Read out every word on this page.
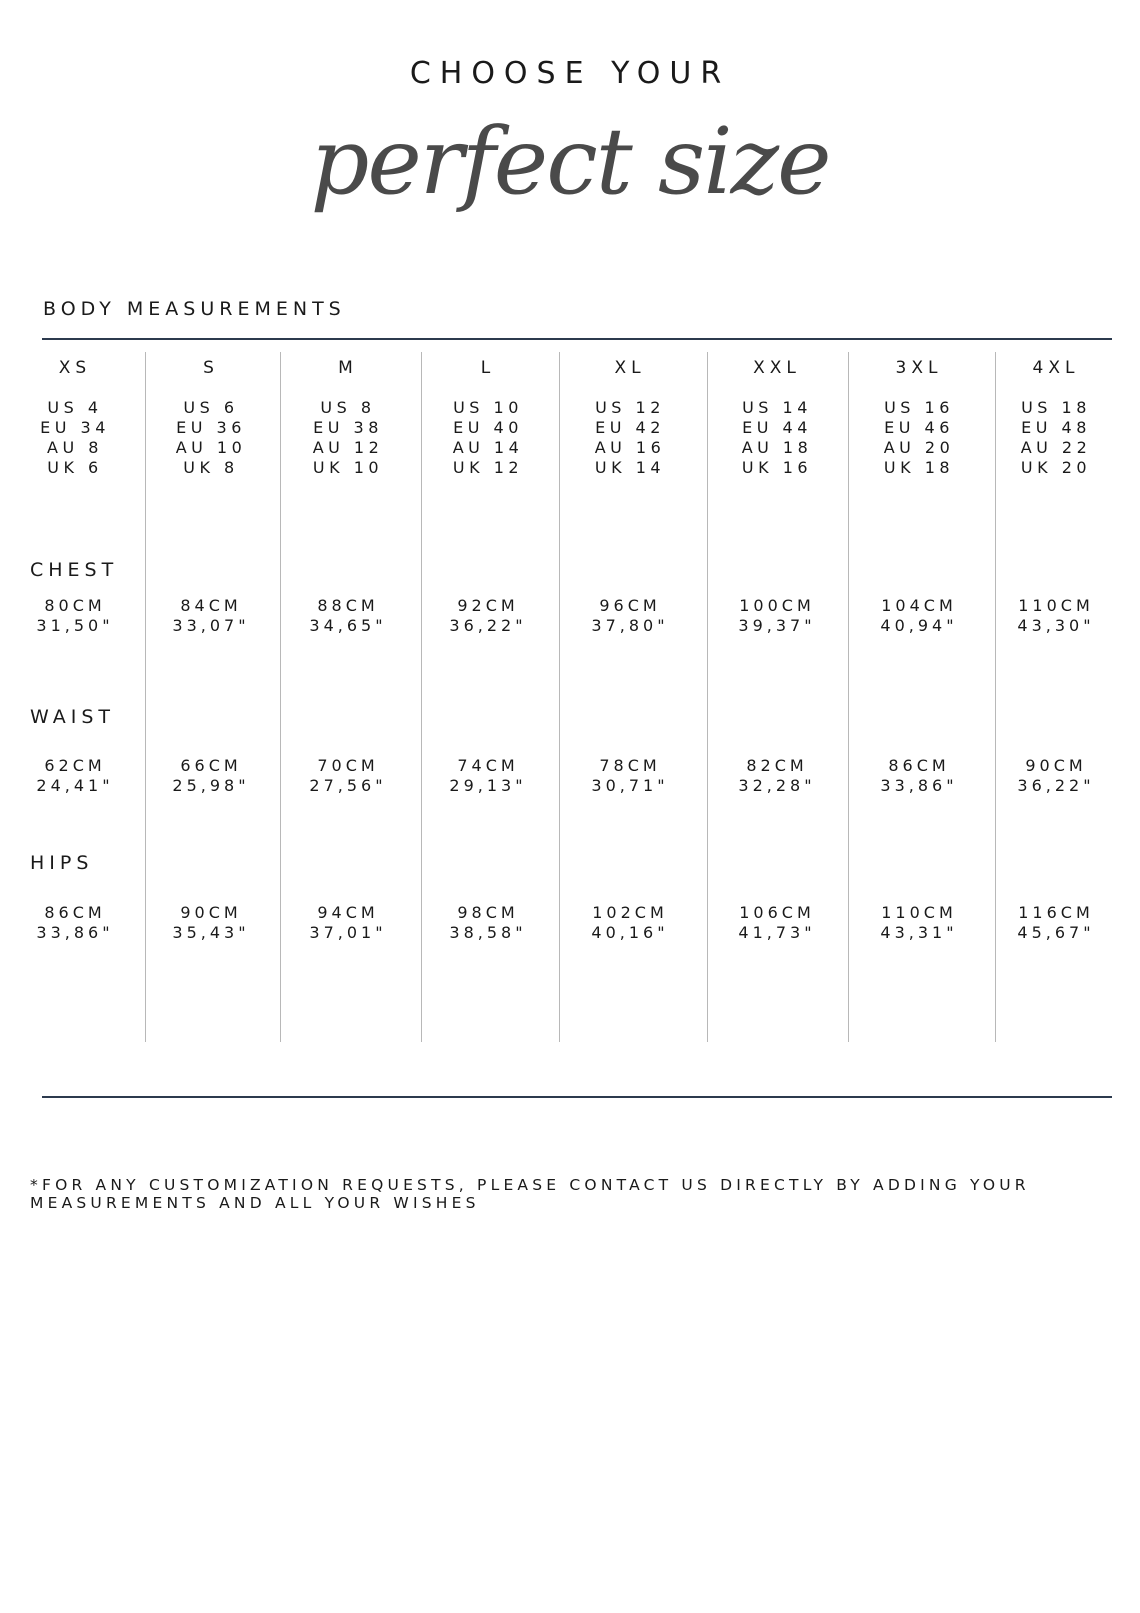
CHOOSE YOUR
perfect size
BODY MEASUREMENTS
CHEST
WAIST
HIPS
XS
US 4
EU 34
AU 8
UK 6
80CM
31,50"
62CM
24,41"
86CM
33,86"
S
US 6
EU 36
AU 10
UK 8
84CM
33,07"
66CM
25,98"
90CM
35,43"
M
US 8
EU 38
AU 12
UK 10
88CM
34,65"
70CM
27,56"
94CM
37,01"
L
US 10
EU 40
AU 14
UK 12
92CM
36,22"
74CM
29,13"
98CM
38,58"
XL
US 12
EU 42
AU 16
UK 14
96CM
37,80"
78CM
30,71"
102CM
40,16"
XXL
US 14
EU 44
AU 18
UK 16
100CM
39,37"
82CM
32,28"
106CM
41,73"
3XL
US 16
EU 46
AU 20
UK 18
104CM
40,94"
86CM
33,86"
110CM
43,31"
4XL
US 18
EU 48
AU 22
UK 20
110CM
43,30"
90CM
36,22"
116CM
45,67"
*FOR ANY CUSTOMIZATION REQUESTS, PLEASE CONTACT US DIRECTLY BY ADDING YOUR MEASUREMENTS AND ALL YOUR WISHES
